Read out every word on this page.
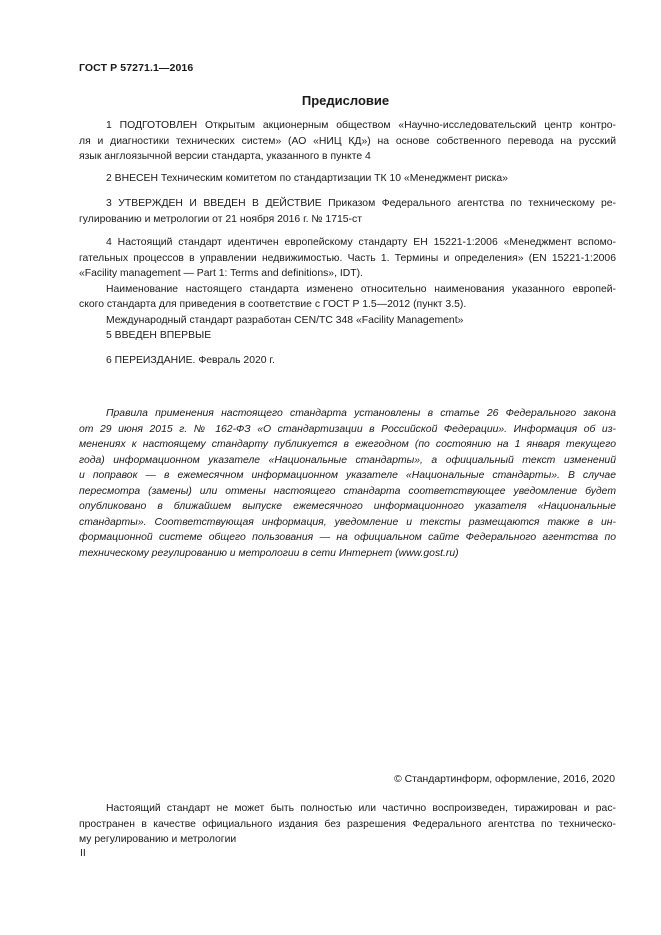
ГОСТ Р 57271.1—2016
Предисловие
1 ПОДГОТОВЛЕН Открытым акционерным обществом «Научно-исследовательский центр контро-
ля и диагностики технических систем» (АО «НИЦ КД») на основе собственного перевода на русский
язык англоязычной версии стандарта, указанного в пункте 4
2 ВНЕСЕН Техническим комитетом по стандартизации ТК 10 «Менеджмент риска»
3 УТВЕРЖДЕН И ВВЕДЕН В ДЕЙСТВИЕ Приказом Федерального агентства по техническому ре-
гулированию и метрологии от 21 ноября 2016 г. № 1715-ст
4 Настоящий стандарт идентичен европейскому стандарту ЕН 15221-1:2006 «Менеджмент вспомо-
гательных процессов в управлении недвижимостью. Часть 1. Термины и определения» (EN 15221-1:2006
«Facility management — Part 1: Terms and definitions», IDT).
Наименование настоящего стандарта изменено относительно наименования указанного европей-
ского стандарта для приведения в соответствие с ГОСТ Р 1.5—2012 (пункт 3.5).
Международный стандарт разработан CEN/TC 348 «Facility Management»
5 ВВЕДЕН ВПЕРВЫЕ
6 ПЕРЕИЗДАНИЕ. Февраль 2020 г.
Правила применения настоящего стандарта установлены в статье 26 Федерального закона
от 29 июня 2015 г. № 162-ФЗ «О стандартизации в Российской Федерации». Информация об из-
менениях к настоящему стандарту публикуется в ежегодном (по состоянию на 1 января текущего
года) информационном указателе «Национальные стандарты», а официальный текст изменений
и поправок — в ежемесячном информационном указателе «Национальные стандарты». В случае
пересмотра (замены) или отмены настоящего стандарта соответствующее уведомление будет
опубликовано в ближайшем выпуске ежемесячного информационного указателя «Национальные
стандарты». Соответствующая информация, уведомление и тексты размещаются также в ин-
формационной системе общего пользования — на официальном сайте Федерального агентства по
техническому регулированию и метрологии в сети Интернет (www.gost.ru)
© Стандартинформ, оформление, 2016, 2020
Настоящий стандарт не может быть полностью или частично воспроизведен, тиражирован и рас-
пространен в качестве официального издания без разрешения Федерального агентства по техническо-
му регулированию и метрологии
II
